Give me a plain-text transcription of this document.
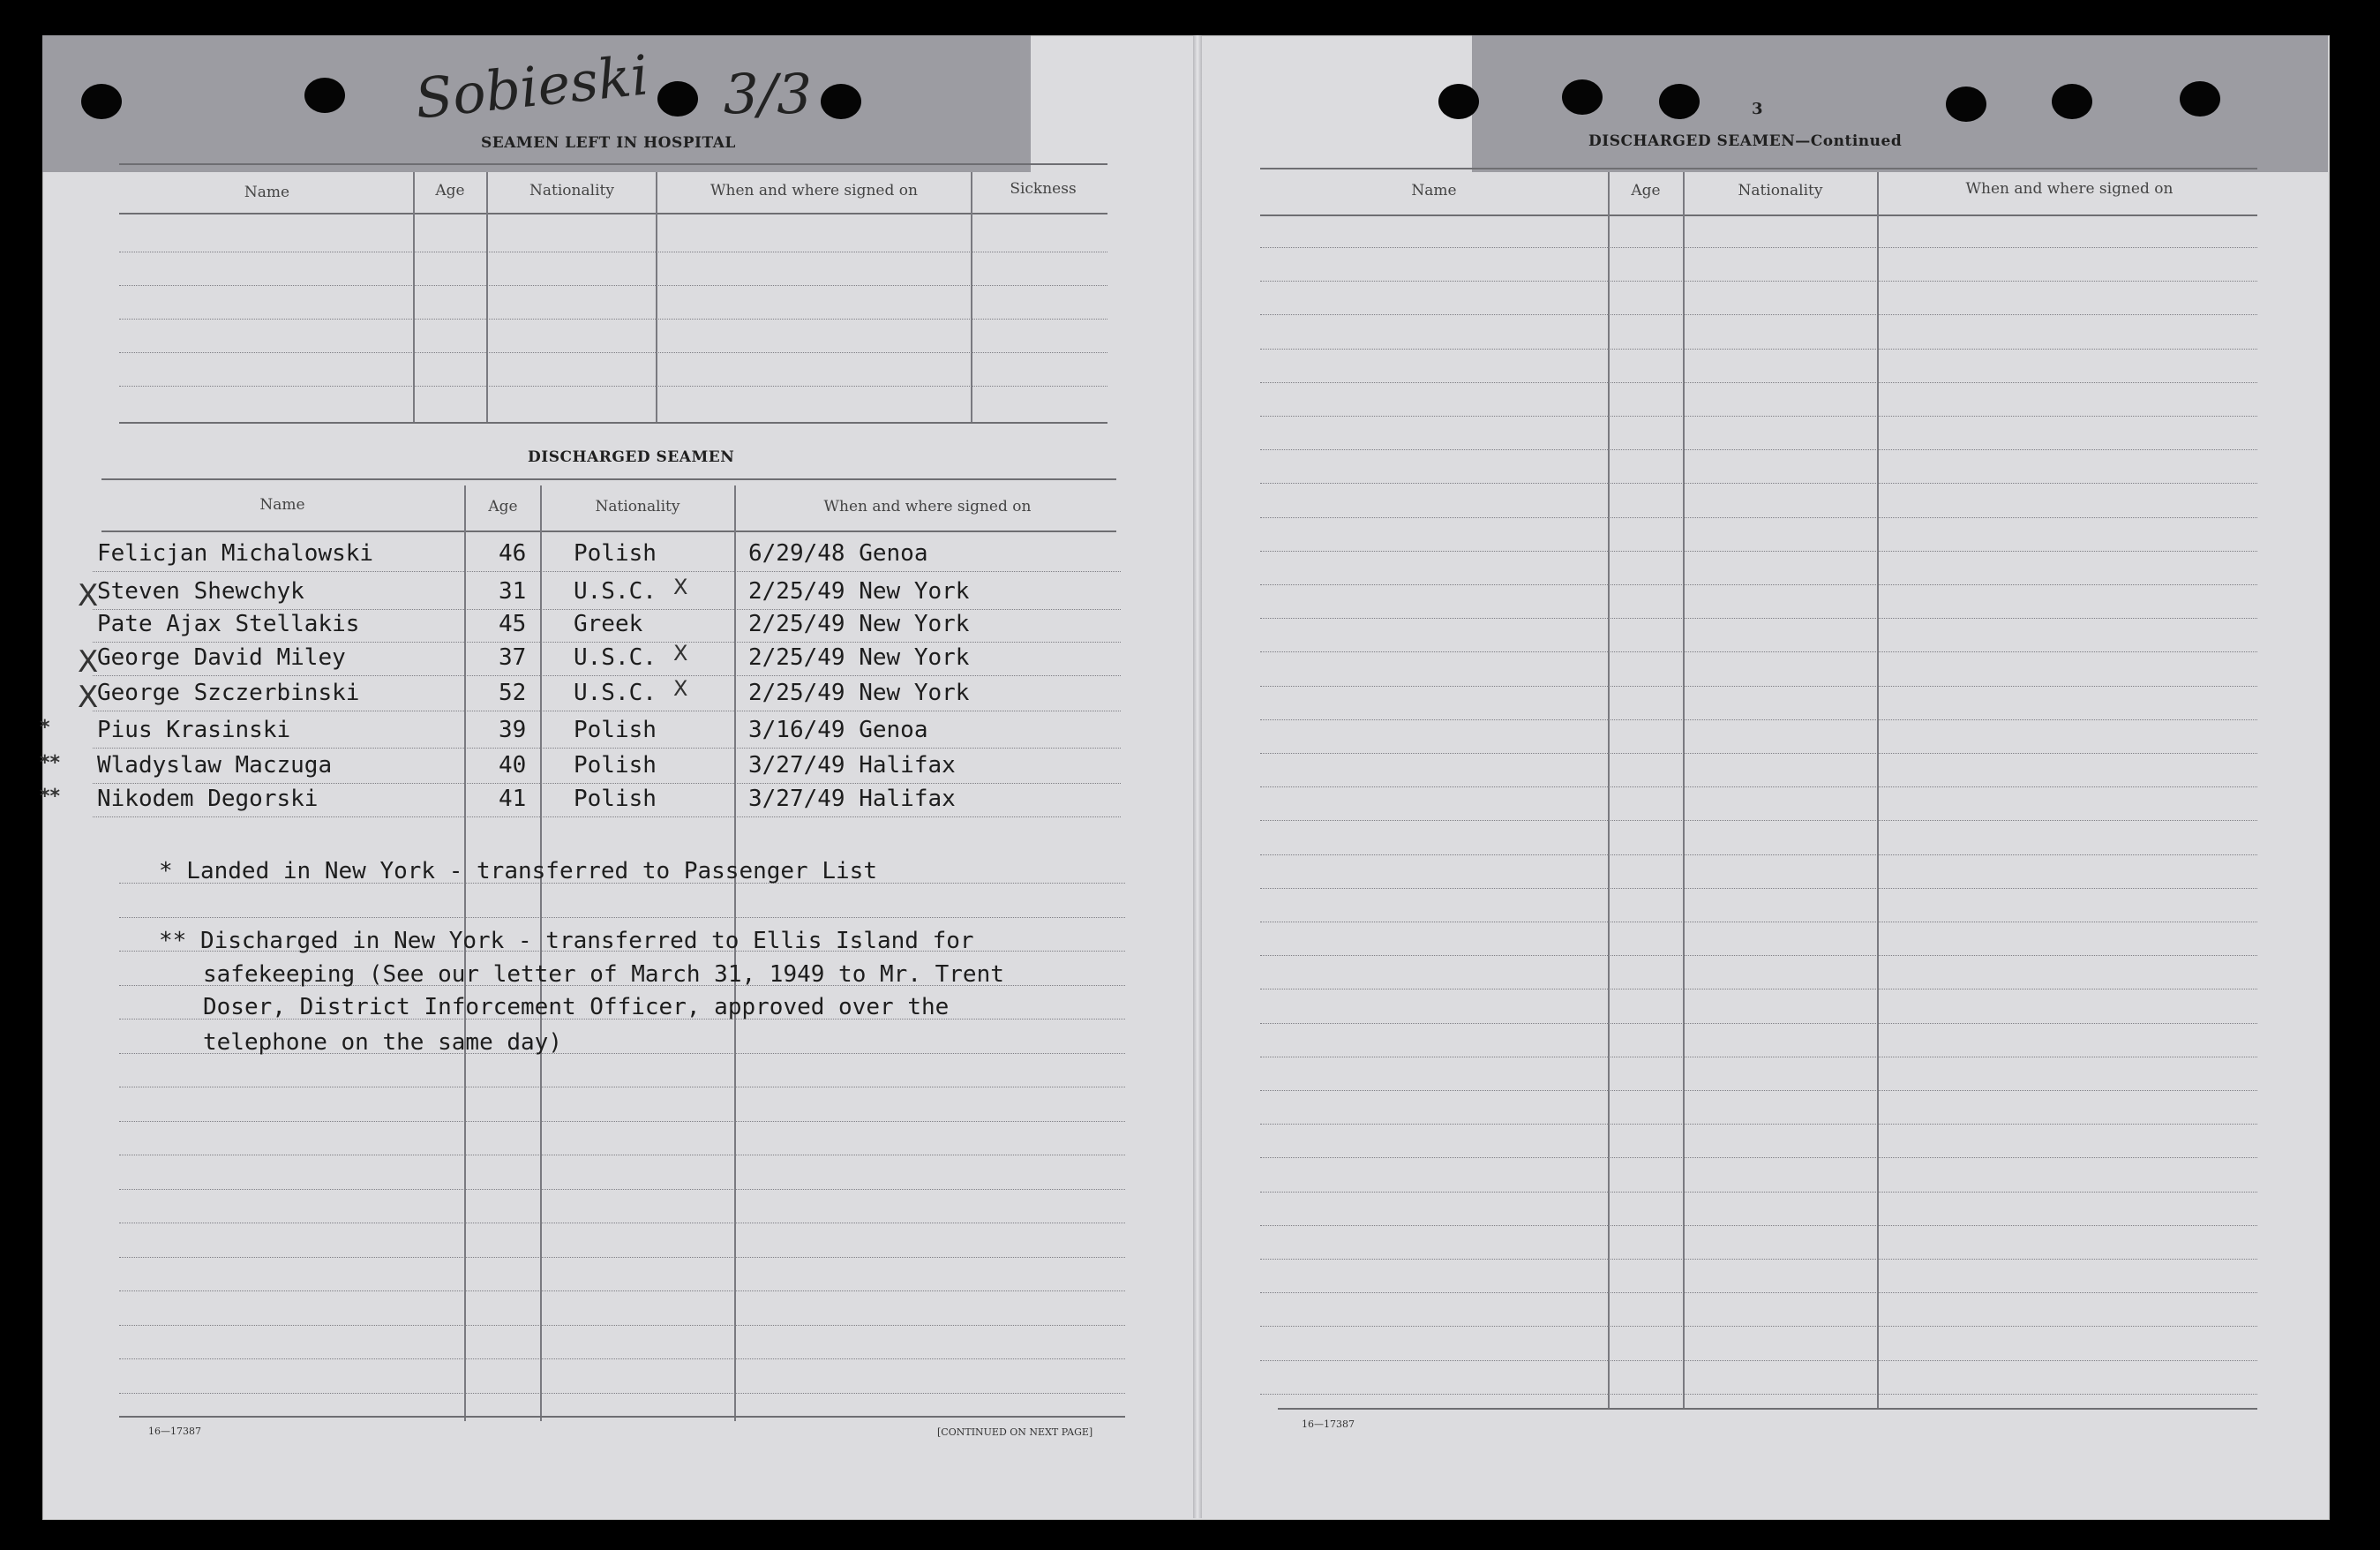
Sobieski 3/3
SEAMEN LEFT IN HOSPITAL
3
DISCHARGED SEAMEN—Continued
Name	Age	Nationality	When and where signed on	Sickness
DISCHARGED SEAMEN
Name	Age	Nationality	When and where signed on
Felicjan Michalowski	46 Polish	6/29/48 Genoa
X
Steven Shewchyk	31 U.S.C.	2/25/49 New York
X
Pate Ajax Stellakis	45 Greek	2/25/49 New York
X
George David Miley	37 U.S.C.	2/25/49 New York
X
X
George Szczerbinski	52 U.S.C.	2/25/49 New York
X
* Pius Krasinski	39 Polish	3/16/49 Genoa
** Wladyslaw Maczuga	40 Polish	3/27/49 Halifax
** Nikodem Degorski	41 Polish	3/27/49 Halifax
* Landed in New York - transferred to Passenger List
** Discharged in New York - transferred to Ellis Island for
safekeeping (See our letter of March 31, 1949 to Mr. Trent
Doser, District Inforcement Officer, approved over the
telephone on the same day)
16—17387	[CONTINUED ON NEXT PAGE]
Name	Age	Nationality	When and where signed on
16—17387
